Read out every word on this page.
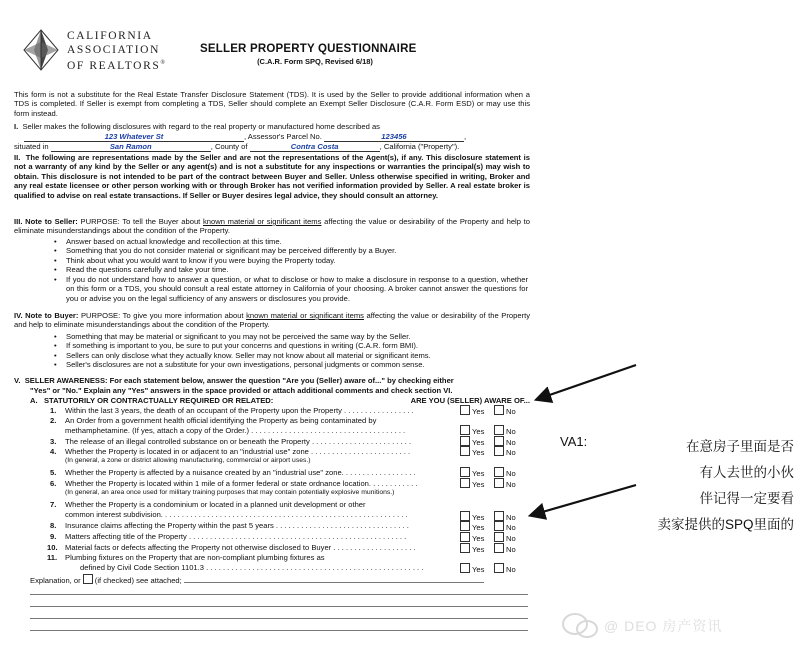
CALIFORNIA
ASSOCIATION
OF REALTORS®
SELLER PROPERTY QUESTIONNAIRE
(C.A.R. Form SPQ, Revised 6/18)
This form is not a substitute for the Real Estate Transfer Disclosure Statement (TDS). It is used by the Seller to provide additional information when a TDS is completed. If Seller is exempt from completing a TDS, Seller should complete an Exempt Seller Disclosure (C.A.R. Form ESD) or may use this form instead.
I. Seller makes the following disclosures with regard to the real property or manufactured home described as
123 Whatever St	, Assessor's Parcel No.	123456	,
situated in	San Ramon	, County of	Contra Costa	, California ("Property").
II. The following are representations made by the Seller and are not the representations of the Agent(s), if any. This disclosure statement is not a warranty of any kind by the Seller or any agent(s) and is not a substitute for any inspections or warranties the principal(s) may wish to obtain. This disclosure is not intended to be part of the contract between Buyer and Seller. Unless otherwise specified in writing, Broker and any real estate licensee or other person working with or through Broker has not verified information provided by Seller. A real estate broker is qualified to advise on real estate transactions. If Seller or Buyer desires legal advice, they should consult an attorney.
III. Note to Seller: PURPOSE: To tell the Buyer about known material or significant items affecting the value or desirability of the Property and help to eliminate misunderstandings about the condition of the Property.
• Answer based on actual knowledge and recollection at this time.
• Something that you do not consider material or significant may be perceived differently by a Buyer.
• Think about what you would want to know if you were buying the Property today.
• Read the questions carefully and take your time.
• If you do not understand how to answer a question, or what to disclose or how to make a disclosure in response to a question, whether on this form or a TDS, you should consult a real estate attorney in California of your choosing. A broker cannot answer the questions for you or advise you on the legal sufficiency of any answers or disclosures you provide.
IV. Note to Buyer: PURPOSE: To give you more information about known material or significant items affecting the value or desirability of the Property and help to eliminate misunderstandings about the condition of the Property.
• Something that may be material or significant to you may not be perceived the same way by the Seller.
• If something is important to you, be sure to put your concerns and questions in writing (C.A.R. form BMI).
• Sellers can only disclose what they actually know. Seller may not know about all material or significant items.
• Seller's disclosures are not a substitute for your own investigations, personal judgments or common sense.
V. SELLER AWARENESS: For each statement below, answer the question "Are you (Seller) aware of..." by checking either
"Yes" or "No." Explain any "Yes" answers in the space provided or attach additional comments and check section VI.
A. STATUTORILY OR CONTRACTUALLY REQUIRED OR RELATED:	ARE YOU (SELLER) AWARE OF...
1. Within the last 3 years, the death of an occupant of the Property upon the Property . . . . . . . . . . . . . . . . .	Yes	No
2. An Order from a government health official identifying the Property as being contaminated by
methamphetamine. (If yes, attach a copy of the Order.) . . . . . . . . . . . . . . . . . . . . . . . . . . . . . . . . . . . . .	Yes	No
3. The release of an illegal controlled substance on or beneath the Property . . . . . . . . . . . . . . . . . . . . . . . .	Yes	No
4. Whether the Property is located in or adjacent to an "industrial use" zone . . . . . . . . . . . . . . . . . . . . . . . .
(In general, a zone or district allowing manufacturing, commercial or airport uses.)
Yes	No
5. Whether the Property is affected by a nuisance created by an "industrial use" zone. . . . . . . . . . . . . . . . . .	Yes	No
6. Whether the Property is located within 1 mile of a former federal or state ordnance location. . . . . . . . . . . .
(In general, an area once used for military training purposes that may contain potentially explosive munitions.)
Yes	No
7. Whether the Property is a condominium or located in a planned unit development or other
common interest subdivision. . . . . . . . . . . . . . . . . . . . . . . . . . . . . . . . . . . . . . . . . . . . . . . . . . . . . . . . . . .	Yes	No
8. Insurance claims affecting the Property within the past 5 years . . . . . . . . . . . . . . . . . . . . . . . . . . . . . . . .	Yes	No
9. Matters affecting title of the Property . . . . . . . . . . . . . . . . . . . . . . . . . . . . . . . . . . . . . . . . . . . . . . . . . . . .	Yes	No
10. Material facts or defects affecting the Property not otherwise disclosed to Buyer . . . . . . . . . . . . . . . . . . . .	Yes	No
11. Plumbing fixtures on the Property that are non-compliant plumbing fixtures as
defined by Civil Code Section 1101.3 . . . . . . . . . . . . . . . . . . . . . . . . . . . . . . . . . . . . . . . . . . . . . . . . . . . .	Yes	No
Explanation, or (if checked) see attached;
VA1:	在意房子里面是否
有人去世的小伙
伴记得一定要看
卖家提供的SPQ里面的
@ DEO 房产资讯
